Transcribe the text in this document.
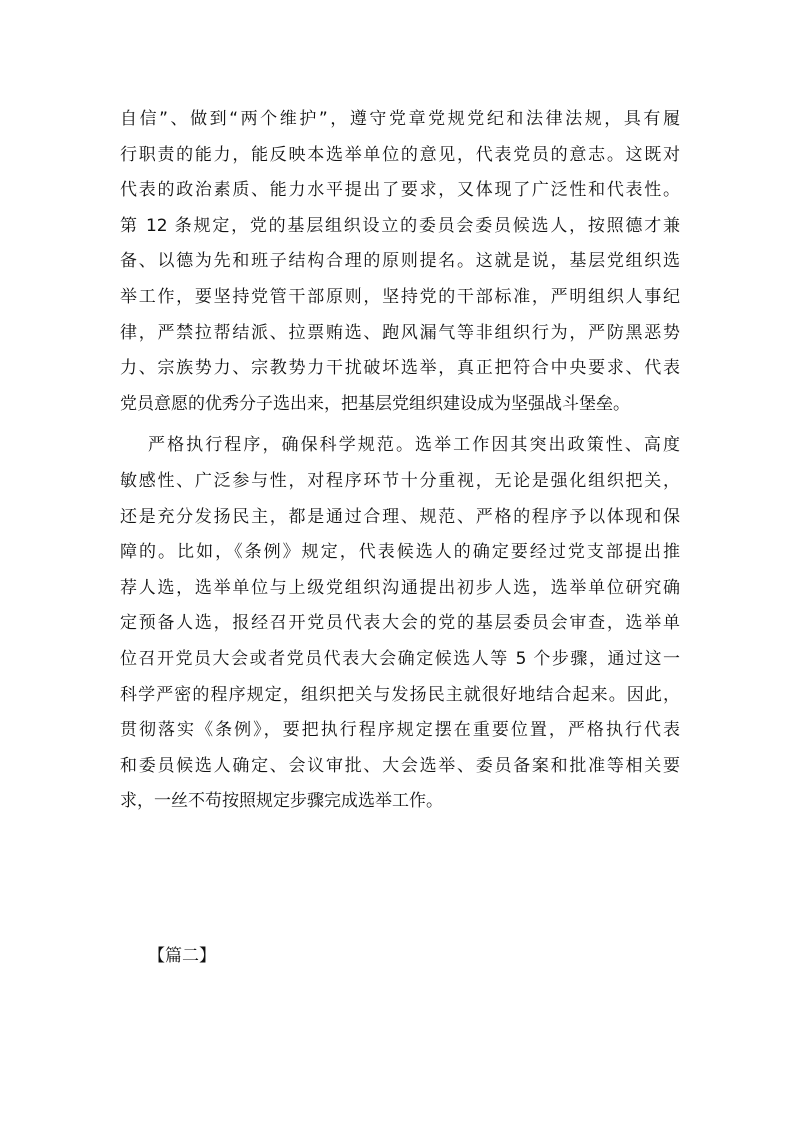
自信”、做到“两个维护”，遵守党章党规党纪和法律法规，具有履
行职责的能力，能反映本选举单位的意见，代表党员的意志。这既对
代表的政治素质、能力水平提出了要求，又体现了广泛性和代表性。
第 12 条规定，党的基层组织设立的委员会委员候选人，按照德才兼
备、以德为先和班子结构合理的原则提名。这就是说，基层党组织选
举工作，要坚持党管干部原则，坚持党的干部标准，严明组织人事纪
律，严禁拉帮结派、拉票贿选、跑风漏气等非组织行为，严防黑恶势
力、宗族势力、宗教势力干扰破坏选举，真正把符合中央要求、代表
党员意愿的优秀分子选出来，把基层党组织建设成为坚强战斗堡垒。
严格执行程序，确保科学规范。选举工作因其突出政策性、高度
敏感性、广泛参与性，对程序环节十分重视，无论是强化组织把关，
还是充分发扬民主，都是通过合理、规范、严格的程序予以体现和保
障的。比如，《条例》规定，代表候选人的确定要经过党支部提出推
荐人选，选举单位与上级党组织沟通提出初步人选，选举单位研究确
定预备人选，报经召开党员代表大会的党的基层委员会审查，选举单
位召开党员大会或者党员代表大会确定候选人等 5 个步骤，通过这一
科学严密的程序规定，组织把关与发扬民主就很好地结合起来。因此，
贯彻落实《条例》，要把执行程序规定摆在重要位置，严格执行代表
和委员候选人确定、会议审批、大会选举、委员备案和批准等相关要
求，一丝不苟按照规定步骤完成选举工作。
【篇二】
